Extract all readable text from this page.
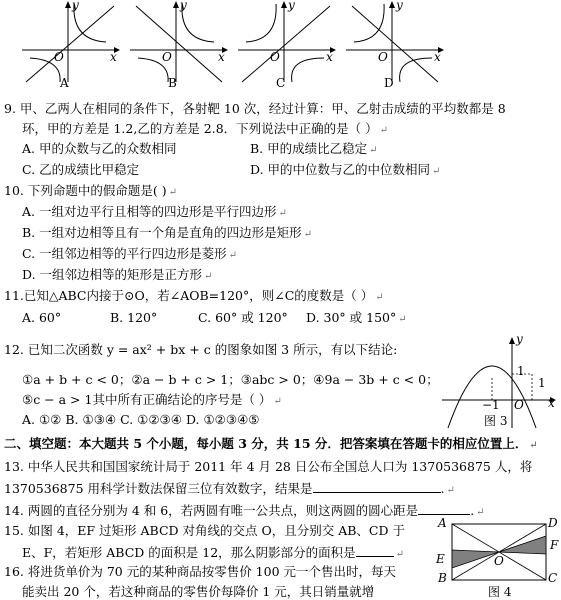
y
x
O
A
y
x
O
B
y
x
O
C
y
x
O
D
9. 甲、乙两人在相同的条件下，各射靶 10 次，经过计算：甲、乙射击成绩的平均数都是 8
环，甲的方差是 1.2,乙的方差是 2.8．下列说法中正确的是（ ） ↵
A. 甲的众数与乙的众数相同	B. 甲的成绩比乙稳定 ↵
C. 乙的成绩比甲稳定	D. 甲的中位数与乙的中位数相同 ↵
10. 下列命题中的假命题是( ) ↵
A. 一组对边平行且相等的四边形是平行四边形 ↵
B. 一组对边相等且有一个角是直角的四边形是矩形 ↵
C. 一组邻边相等的平行四边形是菱形 ↵
D. 一组邻边相等的矩形是正方形 ↵
11.已知△ABC内接于⊙O，若∠AOB=120°，则∠C的度数是（ ） ↵
A. 60°	B. 120°	C. 60° 或 120° D. 30° 或 150° ↵
12. 已知二次函数 y = ax² + bx + c 的图象如图 3 所示，有以下结论:
①a + b + c < 0；②a − b + c > 1；③abc > 0；④9a − 3b + c < 0；
⑤c − a > 1其中所有正确结论的序号是（ ） ↵
A. ①② B. ①③④ C. ①②③④ D. ①②③④⑤
y
x
1
1
−1 O
图 3
二、填空题：本大题共 5 个小题，每小题 3 分，共 15 分．把答案填在答题卡的相应位置上． ↵
13. 中华人民共和国国家统计局于 2011 年 4 月 28 日公布全国总人口为 1370536875 人，将
1370536875 用科学计数法保留三位有效数字，结果是	. ↵
14. 两圆的直径分别为 4 和 6，若两圆有唯一公共点，则这两圆的圆心距是	. ↵
15. 如图 4，EF 过矩形 ABCD 对角线的交点 O，且分别交 AB、CD 于
E、F，若矩形 ABCD 的面积是 12，那么阴影部分的面积是	↵
16. 将进货单价为 70 元的某种商品按零售价 100 元一个售出时，每天
能卖出 20 个，若这种商品的零售价每降价 1 元，其日销量就增
A	D
E
F
O
B	C
图 4
